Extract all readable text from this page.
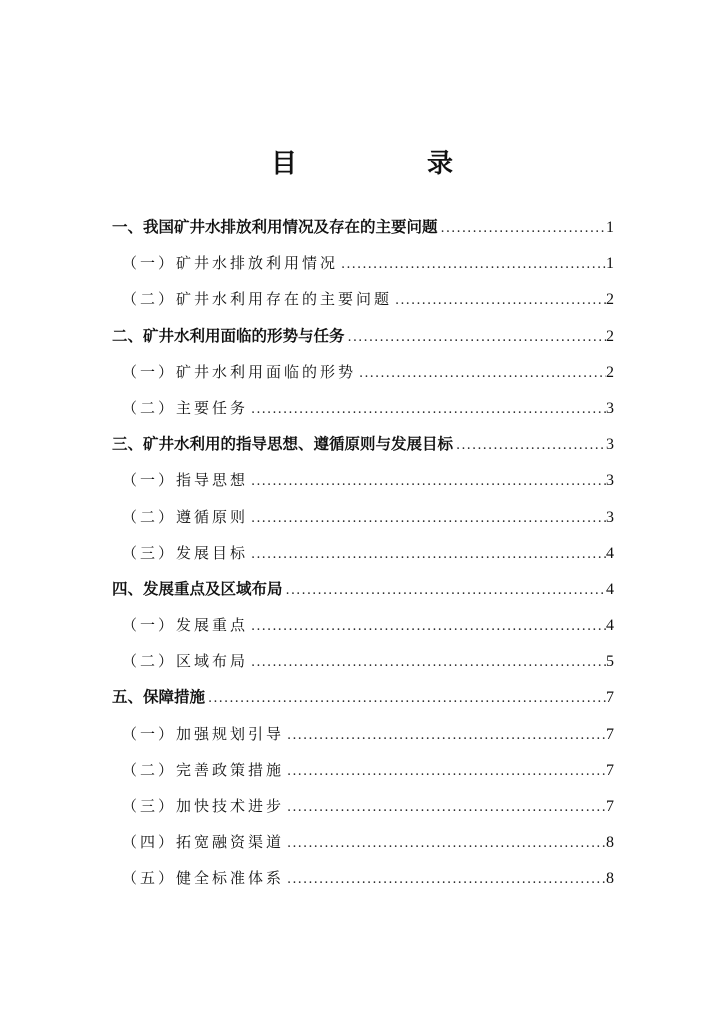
目　录
一、我国矿井水排放利用情况及存在的主要问题 .....	1
（一）矿井水排放利用情况 .....	1
（二）矿井水利用存在的主要问题 .....	2
二、矿井水利用面临的形势与任务 .....	2
（一）矿井水利用面临的形势 .....	2
（二）主要任务 .....	3
三、矿井水利用的指导思想、遵循原则与发展目标 .....	3
（一）指导思想 .....	3
（二）遵循原则 .....	3
（三）发展目标 .....	4
四、发展重点及区域布局 .....	4
（一）发展重点 .....	4
（二）区域布局 .....	5
五、保障措施 .....	7
（一）加强规划引导 .....	7
（二）完善政策措施 .....	7
（三）加快技术进步 .....	7
（四）拓宽融资渠道 .....	8
（五）健全标准体系 .....	8
